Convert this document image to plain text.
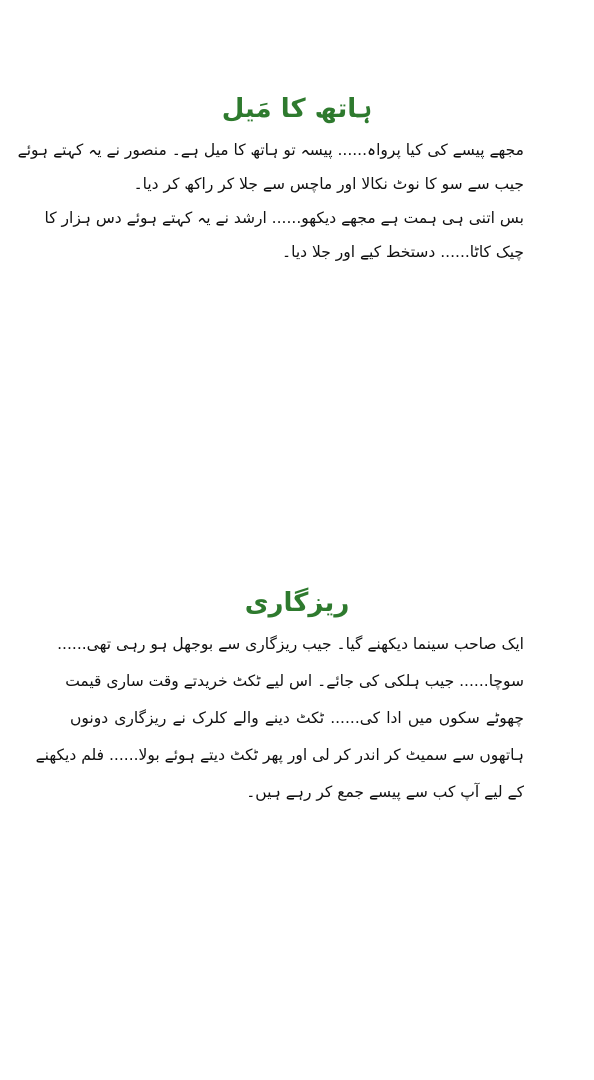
ہاتھ کا مَیل
مجھے پیسے کی کیا پرواہ...... پیسہ تو ہاتھ کا میل ہے۔ منصور نے یہ کہتے ہوئے
جیب سے سو کا نوٹ نکالا اور ماچس سے جلا کر راکھ کر دیا۔
بس اتنی ہی ہمت ہے مجھے دیکھو...... ارشد نے یہ کہتے ہوئے دس ہزار کا
چیک کاٹا...... دستخط کیے اور جلا دیا۔
ریزگاری
ایک صاحب سینما دیکھنے گیا۔ جیب ریزگاری سے بوجھل ہو رہی تھی......
سوچا...... جیب ہلکی کی جائے۔ اس لیے ٹکٹ خریدتے وقت ساری قیمت
چھوٹے سکوں میں ادا کی...... ٹکٹ دینے والے کلرک نے ریزگاری دونوں
ہاتھوں سے سمیٹ کر اندر کر لی اور پھر ٹکٹ دیتے ہوئے بولا...... فلم دیکھنے
کے لیے آپ کب سے پیسے جمع کر رہے ہیں۔
